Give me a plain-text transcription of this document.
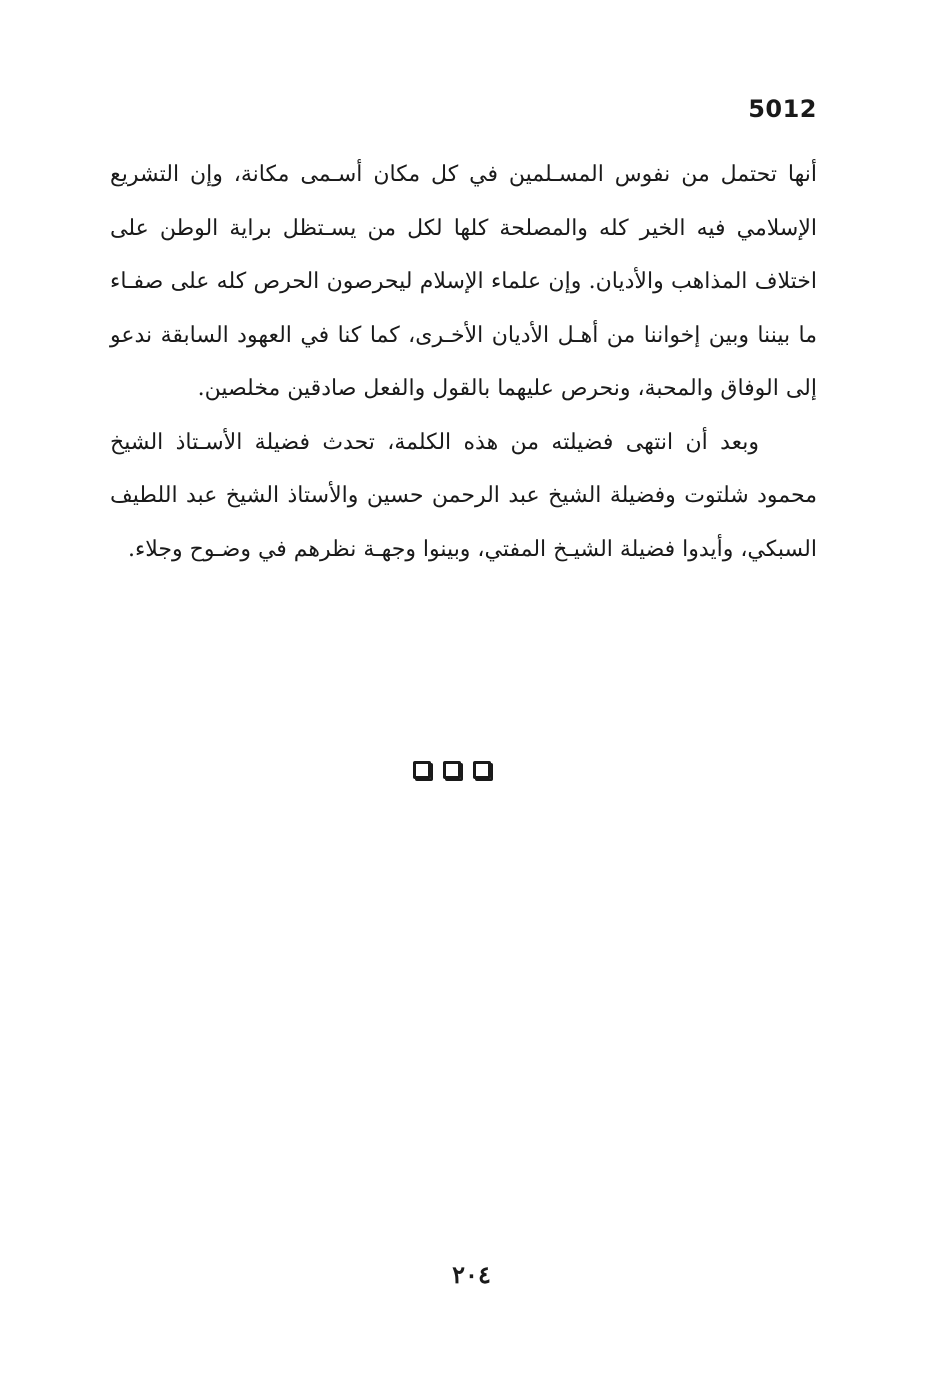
5012

أنها تحتمل من نفوس المسـلمين في كل مكان أسـمى مكانة، وإن التشريع الإسلامي فيه الخير كله والمصلحة كلها لكل من يسـتظل براية الوطن على اختلاف المذاهب والأديان. وإن علماء الإسلام ليحرصون الحرص كله على صفـاء ما بيننا وبين إخواننا من أهـل الأديان الأخـرى، كما كنا في العهود السابقة ندعو إلى الوفاق والمحبة، ونحرص عليهما بالقول والفعل صادقين مخلصين.

وبعد أن انتهى فضيلته من هذه الكلمة، تحدث فضيلة الأسـتاذ الشيخ محمود شلتوت وفضيلة الشيخ عبد الرحمن حسين والأستاذ الشيخ عبد اللطيف السبكي، وأيدوا فضيلة الشيـخ المفتي، وبينوا وجهـة نظرهم في وضـوح وجلاء.

٢٠٤
